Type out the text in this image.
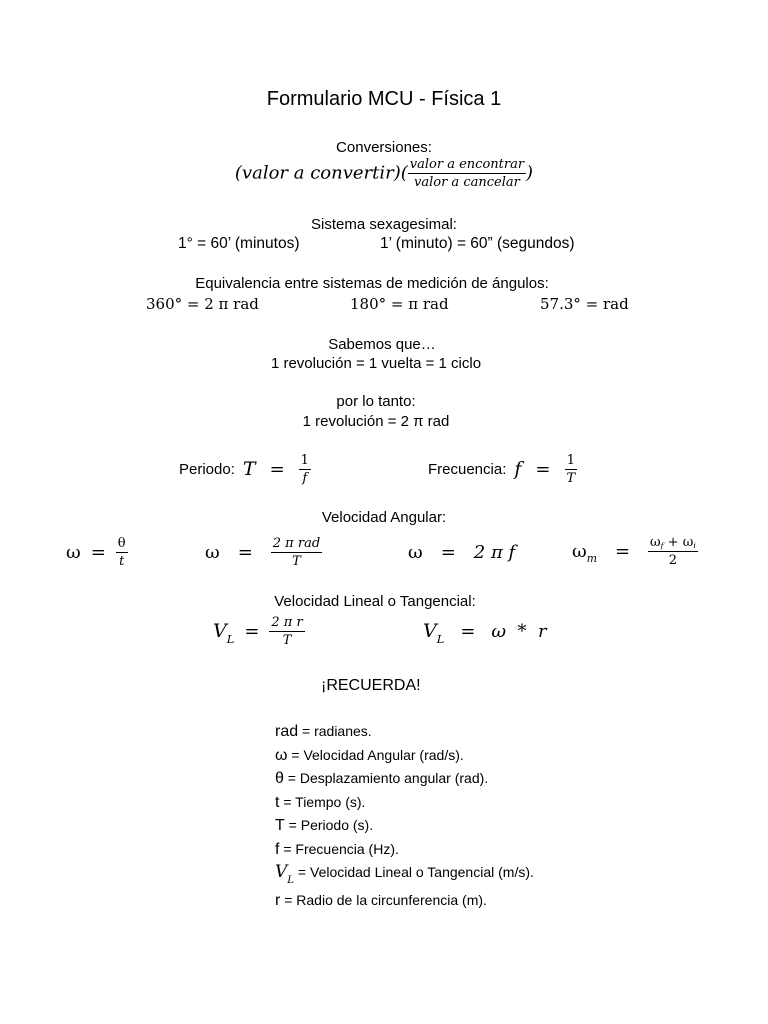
Formulario MCU - Física 1
Conversiones:
(valor a convertir)( $\frac{\text{valor a encontrar}}{\text{valor a cancelar}}$ )
Sistema sexagesimal:
1° = 60’ (minutos)	1’ (minuto) = 60” (segundos)
Equivalencia entre sistemas de medición de ángulos:
360° = 2 π rad	180° = π rad	57.3° = rad
Sabemos que…
1 revolución = 1 vuelta = 1 ciclo
por lo tanto:
1 revolución = 2 π rad
Periodo: $T = \frac{1}{f}$	Frecuencia: $f = \frac{1}{T}$
Velocidad Angular:
$\omega = \frac{\theta}{t}$	$\omega = \frac{\text{2 π rad}}{T}$	ω = 2 π f	$\omega_m = \frac{\omega_f + \omega_i}{2}$
Velocidad Lineal o Tangencial:
$V_L = \frac{\text{2 π r}}{T}$	$V_L = \omega * r$
¡RECUERDA!
rad = radianes.
ω = Velocidad Angular (rad/s).
θ = Desplazamiento angular (rad).
t = Tiempo (s).
T = Periodo (s).
f = Frecuencia (Hz).
$V_L$ = Velocidad Lineal o Tangencial (m/s).
r = Radio de la circunferencia (m).
